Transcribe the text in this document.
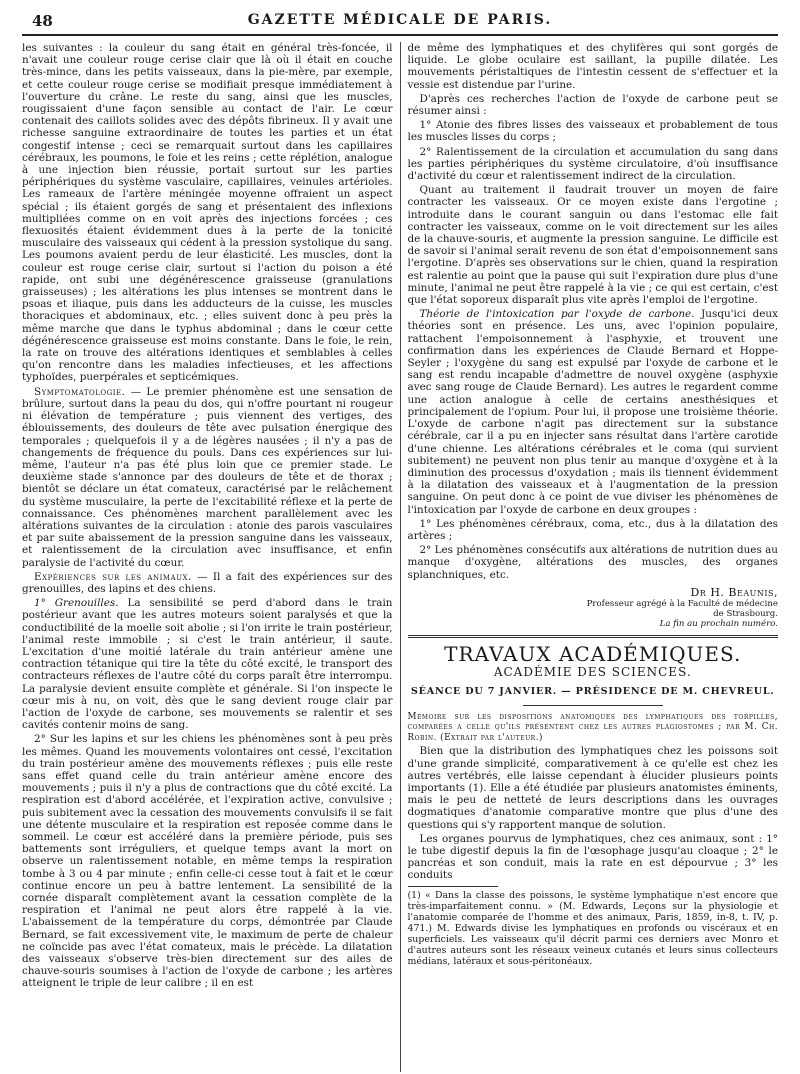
48	GAZETTE MÉDICALE DE PARIS.

les suivantes : la couleur du sang était en général très-foncée, il n'avait une couleur rouge cerise clair que là où il était en couche très-mince, dans les petits vaisseaux, dans la pie-mère, par exemple, et cette couleur rouge cerise se modifiait presque immédiatement à l'ouverture du crâne. Le reste du sang, ainsi que les muscles, rougissaient d'une façon sensible au contact de l'air. Le cœur contenait des caillots solides avec des dépôts fibrineux. Il y avait une richesse sanguine extraordinaire de toutes les parties et un état congestif intense ; ceci se remarquait surtout dans les capillaires cérébraux, les poumons, le foie et les reins ; cette réplétion, analogue à une injection bien réussie, portait surtout sur les parties périphériques du système vasculaire, capillaires, veinules artérioles. Les rameaux de l'artère méningée moyenne offraient un aspect spécial ; ils étaient gorgés de sang et présentaient des inflexions multipliées comme on en voit après des injections forcées ; ces flexuosités étaient évidemment dues à la perte de la tonicité musculaire des vaisseaux qui cédent à la pression systolique du sang. Les poumons avaient perdu de leur élasticité. Les muscles, dont la couleur est rouge cerise clair, surtout si l'action du poison a été rapide, ont subi une dégénérescence graisseuse (granulations graisseuses) ; les altérations les plus intenses se montrent dans le psoas et iliaque, puis dans les adducteurs de la cuisse, les muscles thoraciques et abdominaux, etc. ; elles suivent donc à peu près la même marche que dans le typhus abdominal ; dans le cœur cette dégénérescence graisseuse est moins constante. Dans le foie, le rein, la rate on trouve des altérations identiques et semblables à celles qu'on rencontre dans les maladies infectieuses, et les affections typhoïdes, puerpérales et septicémiques.

Symptomatologie. — Le premier phénomène est une sensation de brûlure, surtout dans la peau du dos, qui n'offre pourtant ni rougeur ni élévation de température ; puis viennent des vertiges, des éblouissements, des douleurs de tête avec pulsation énergique des temporales ; quelquefois il y a de légères nausées ; il n'y a pas de changements de fréquence du pouls. Dans ces expériences sur lui-même, l'auteur n'a pas été plus loin que ce premier stade. Le deuxième stade s'annonce par des douleurs de tête et de thorax ; bientôt se déclare un état comateux, caractérisé par le relâchement du système musculaire, la perte de l'excitabilité réflexe et la perte de connaissance. Ces phénomènes marchent parallèlement avec les altérations suivantes de la circulation : atonie des parois vasculaires et par suite abaissement de la pression sanguine dans les vaisseaux, et ralentissement de la circulation avec insuffisance, et enfin paralysie de l'activité du cœur.

Expériences sur les animaux. — Il a fait des expériences sur des grenouilles, des lapins et des chiens.

1° Grenouilles. La sensibilité se perd d'abord dans le train postérieur avant que les autres moteurs soient paralysés et que la conductibilité de la moelle soit abolie ; si l'on irrite le train postérieur, l'animal reste immobile ; si c'est le train antérieur, il saute. L'excitation d'une moitié latérale du train antérieur amène une contraction tétanique qui tire la tête du côté excité, le transport des contracteurs réflexes de l'autre côté du corps paraît être interrompu. La paralysie devient ensuite complète et générale. Si l'on inspecte le cœur mis à nu, on voit, dès que le sang devient rouge clair par l'action de l'oxyde de carbone, ses mouvements se ralentir et ses cavités contenir moins de sang.

2° Sur les lapins et sur les chiens les phénomènes sont à peu près les mêmes. Quand les mouvements volontaires ont cessé, l'excitation du train postérieur amène des mouvements réflexes ; puis elle reste sans effet quand celle du train antérieur amène encore des mouvements ; puis il n'y a plus de contractions que du côté excité. La respiration est d'abord accélérée, et l'expiration active, convulsive ; puis subitement avec la cessation des mouvements convulsifs il se fait une détente musculaire et la respiration est reposée comme dans le sommeil. Le cœur est accéléré dans la première période, puis ses battements sont irréguliers, et quelque temps avant la mort on observe un ralentissement notable, en même temps la respiration tombe à 3 ou 4 par minute ; enfin celle-ci cesse tout à fait et le cœur continue encore un peu à battre lentement. La sensibilité de la cornée disparaît complètement avant la cessation complète de la respiration et l'animal ne peut alors être rappelé à la vie. L'abaissement de la température du corps, démontrée par Claude Bernard, se fait excessivement vite, le maximum de perte de chaleur ne coïncide pas avec l'état comateux, mais le précède. La dilatation des vaisseaux s'observe très-bien directement sur des ailes de chauve-souris soumises à l'action de l'oxyde de carbone ; les artères atteignent le triple de leur calibre ; il en est

de même des lymphatiques et des chylifères qui sont gorgés de liquide. Le globe oculaire est saillant, la pupille dilatée. Les mouvements péristaltiques de l'intestin cessent de s'effectuer et la vessie est distendue par l'urine.

D'après ces recherches l'action de l'oxyde de carbone peut se résumer ainsi :

1° Atonie des fibres lisses des vaisseaux et probablement de tous les muscles lisses du corps ;

2° Ralentissement de la circulation et accumulation du sang dans les parties périphériques du système circulatoire, d'où insuffisance d'activité du cœur et ralentissement indirect de la circulation.

Quant au traitement il faudrait trouver un moyen de faire contracter les vaisseaux. Or ce moyen existe dans l'ergotine ; introduite dans le courant sanguin ou dans l'estomac elle fait contracter les vaisseaux, comme on le voit directement sur les ailes de la chauve-souris, et augmente la pression sanguine. Le difficile est de savoir si l'animal serait revenu de son état d'empoisonnement sans l'ergotine. D'après ses observations sur le chien, quand la respiration est ralentie au point que la pause qui suit l'expiration dure plus d'une minute, l'animal ne peut être rappelé à la vie ; ce qui est certain, c'est que l'état soporeux disparaît plus vite après l'emploi de l'ergotine.

Théorie de l'intoxication par l'oxyde de carbone. Jusqu'ici deux théories sont en présence. Les uns, avec l'opinion populaire, rattachent l'empoisonnement à l'asphyxie, et trouvent une confirmation dans les expériences de Claude Bernard et Hoppe-Seyler ; l'oxygène du sang est expulsé par l'oxyde de carbone et le sang est rendu incapable d'admettre de nouvel oxygène (asphyxie avec sang rouge de Claude Bernard). Les autres le regardent comme une action analogue à celle de certains anesthésiques et principalement de l'opium. Pour lui, il propose une troisième théorie. L'oxyde de carbone n'agit pas directement sur la substance cérébrale, car il a pu en injecter sans résultat dans l'artère carotide d'une chienne. Les altérations cérébrales et le coma (qui survient subitement) ne peuvent non plus tenir au manque d'oxygène et à la diminution des processus d'oxydation ; mais ils tiennent évidemment à la dilatation des vaisseaux et à l'augmentation de la pression sanguine. On peut donc à ce point de vue diviser les phénomènes de l'intoxication par l'oxyde de carbone en deux groupes :

1° Les phénomènes cérébraux, coma, etc., dus à la dilatation des artères ;

2° Les phénomènes consécutifs aux altérations de nutrition dues au manque d'oxygène, altérations des muscles, des organes splanchniques, etc.

Dr H. Beaunis,
Professeur agrégé à la Faculté de médecine
de Strasbourg.
La fin au prochain numéro.
TRAVAUX ACADÉMIQUES.
ACADÉMIE DES SCIENCES.
SÉANCE DU 7 JANVIER. — PRÉSIDENCE DE M. CHEVREUL.

Mémoire sur les dispositions anatomiques des lymphatiques des torpilles, comparées a celle qu'ils présentent chez les autres plagiostomes ; par M. Ch. Robin. (Extrait par l'auteur.)

Bien que la distribution des lymphatiques chez les poissons soit d'une grande simplicité, comparativement à ce qu'elle est chez les autres vertébrés, elle laisse cependant à élucider plusieurs points importants (1). Elle a été étudiée par plusieurs anatomistes éminents, mais le peu de netteté de leurs descriptions dans les ouvrages dogmatiques d'anatomie comparative montre que plus d'une des questions qui s'y rapportent manque de solution.

Les organes pourvus de lymphatiques, chez ces animaux, sont : 1° le tube digestif depuis la fin de l'œsophage jusqu'au cloaque ; 2° le pancréas et son conduit, mais la rate en est dépourvue ; 3° les conduits

(1) « Dans la classe des poissons, le système lymphatique n'est encore que très-imparfaitement connu. » (M. Edwards, Leçons sur la physiologie et l'anatomie comparée de l'homme et des animaux, Paris, 1859, in-8, t. IV, p. 471.) M. Edwards divise les lymphatiques en profonds ou viscéraux et en superficiels. Les vaisseaux qu'il décrit parmi ces derniers avec Monro et d'autres auteurs sont les réseaux veineux cutanés et leurs sinus collecteurs médians, latéraux et sous-péritonéaux.
